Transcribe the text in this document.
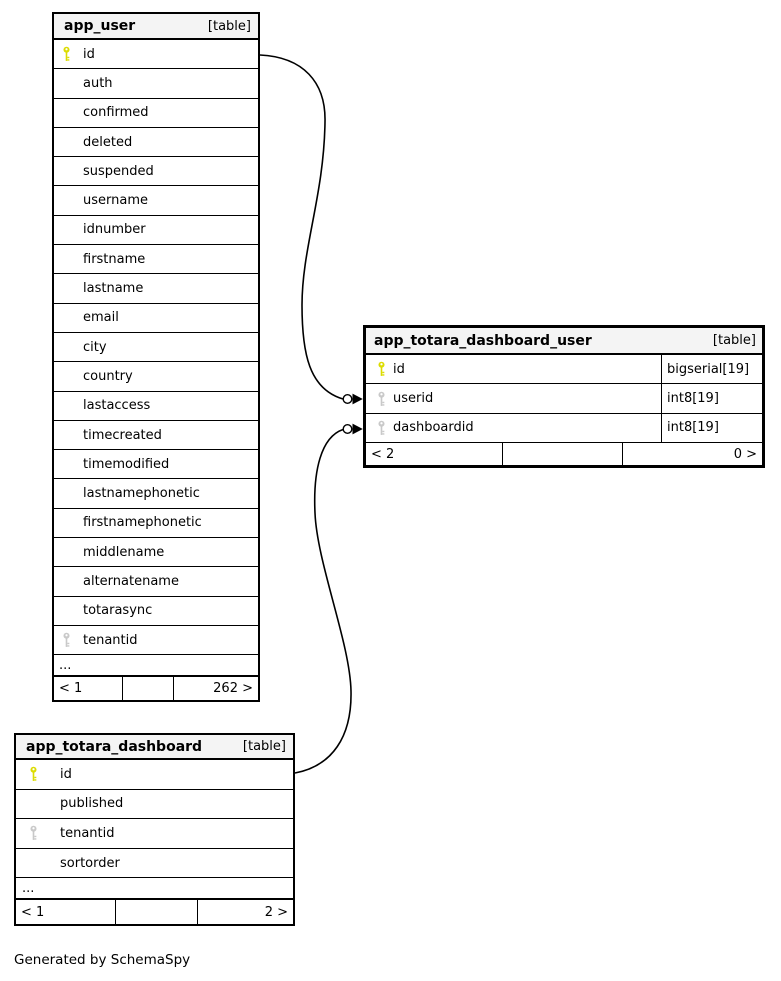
app_user	[table]
id
auth
confirmed
deleted
suspended
username
idnumber
firstname
lastname
email
city
country
lastaccess
timecreated
timemodified
lastnamephonetic
firstnamephonetic
middlename
alternatename
totarasync
tenantid
...
< 1	262 >
app_totara_dashboard_user	[table]
id	bigserial[19]
userid	int8[19]
dashboardid	int8[19]
< 2	0 >
app_totara_dashboard	[table]
id
published
tenantid
sortorder
...
< 1	2 >
Generated by SchemaSpy
